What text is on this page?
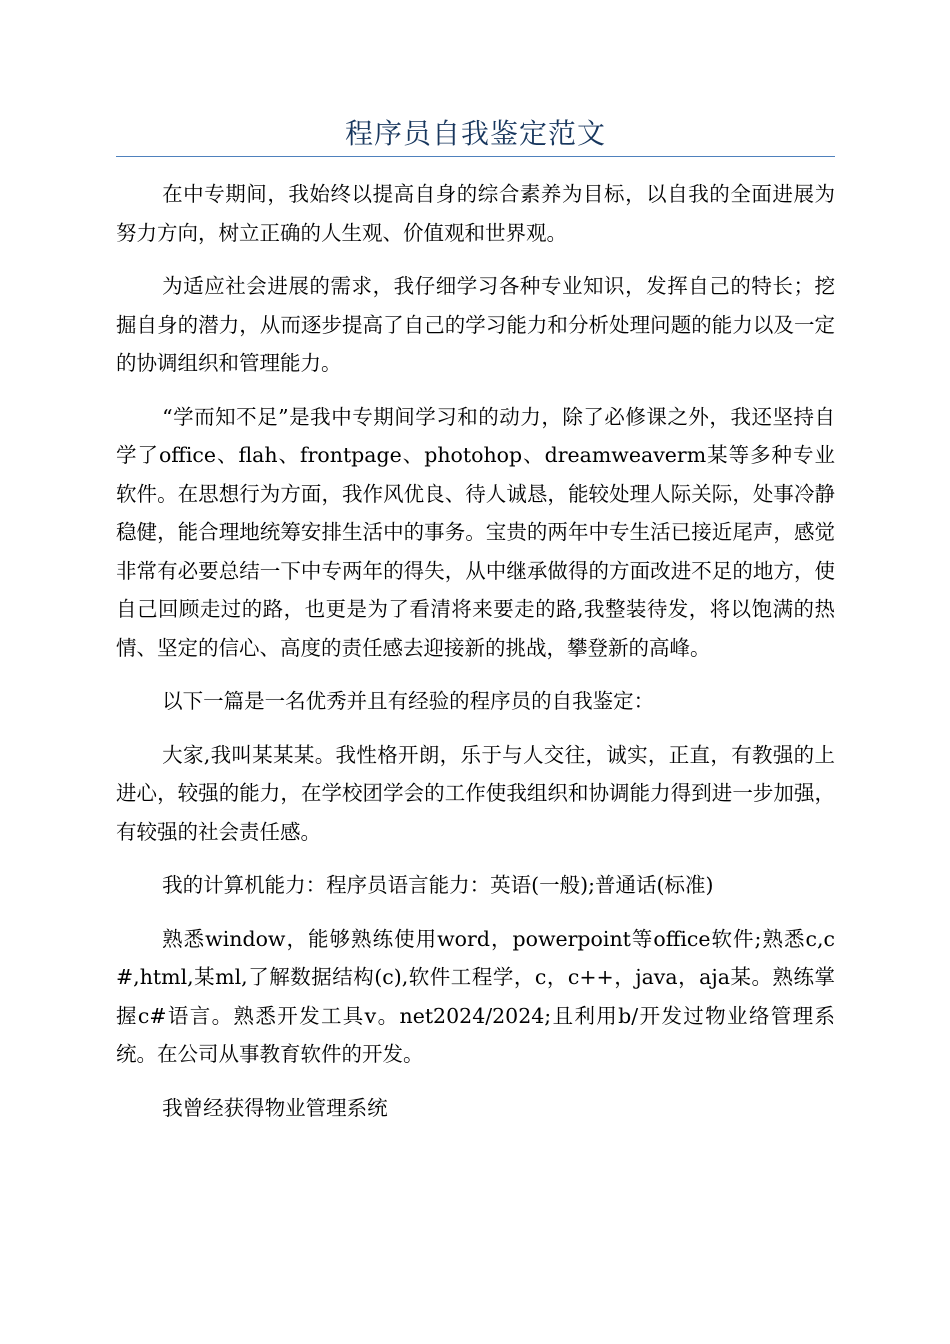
程序员自我鉴定范文

在中专期间，我始终以提高自身的综合素养为目标，以自我的全面进展为努力方向，树立正确的人生观、价值观和世界观。

为适应社会进展的需求，我仔细学习各种专业知识，发挥自己的特长；挖掘自身的潜力，从而逐步提高了自己的学习能力和分析处理问题的能力以及一定的协调组织和管理能力。

“学而知不足”是我中专期间学习和的动力，除了必修课之外，我还坚持自学了office、flah、frontpage、photohop、dreamweaverm某等多种专业软件。在思想行为方面，我作风优良、待人诚恳，能较处理人际关际，处事冷静稳健，能合理地统筹安排生活中的事务。宝贵的两年中专生活已接近尾声，感觉非常有必要总结一下中专两年的得失，从中继承做得的方面改进不足的地方，使自己回顾走过的路，也更是为了看清将来要走的路,我整装待发，将以饱满的热情、坚定的信心、高度的责任感去迎接新的挑战，攀登新的高峰。

以下一篇是一名优秀并且有经验的程序员的自我鉴定：

大家,我叫某某某。我性格开朗，乐于与人交往，诚实，正直，有教强的上进心，较强的能力，在学校团学会的工作使我组织和协调能力得到进一步加强，有较强的社会责任感。

我的计算机能力：程序员语言能力：英语(一般);普通话(标准)

熟悉window，能够熟练使用word，powerpoint等office软件;熟悉c,c#,html,某ml,了解数据结构(c),软件工程学，c，c++，java，aja某。熟练掌握c#语言。熟悉开发工具v。net2024/2024;且利用b/开发过物业络管理系统。在公司从事教育软件的开发。

我曾经获得物业管理系统
